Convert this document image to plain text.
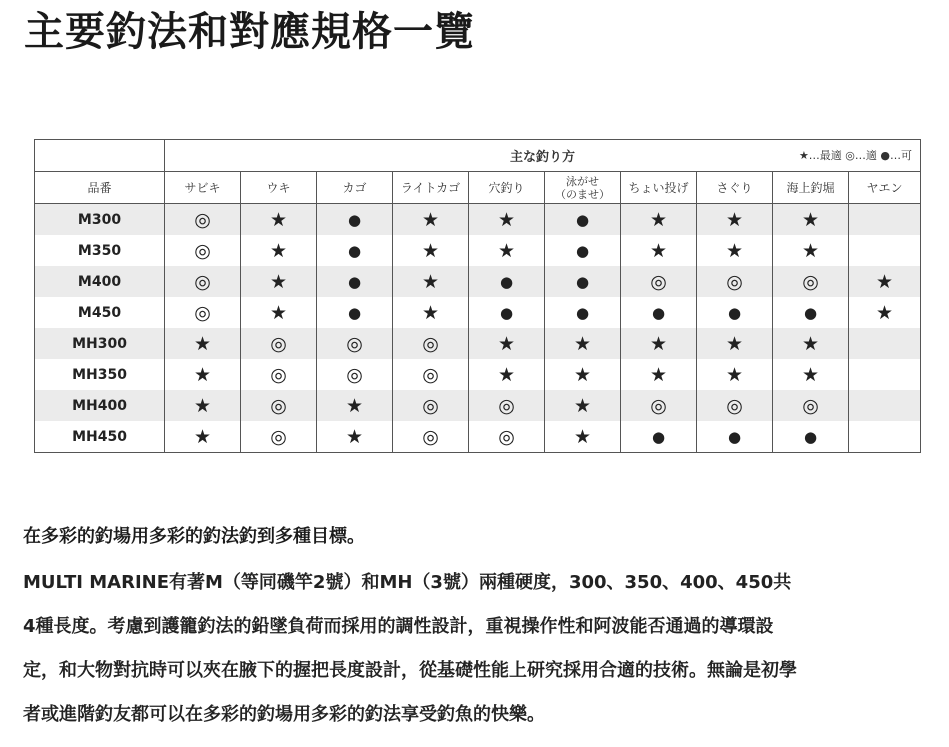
主要釣法和對應規格一覽
	主な釣り方 ★…最適 ◎…適 ●…可									

品番	サビキ	ウキ	カゴ	ライトカゴ	穴釣り	泳がせ
（のませ）	ちょい投げ	さぐり	海上釣堀	ヤエン
M300	◎	★	●	★	★	●	★	★	★	
M350	◎	★	●	★	★	●	★	★	★	
M400	◎	★	●	★	●	●	◎	◎	◎	★
M450	◎	★	●	★	●	●	●	●	●	★
MH300	★	◎	◎	◎	★	★	★	★	★	
MH350	★	◎	◎	◎	★	★	★	★	★	
MH400	★	◎	★	◎	◎	★	◎	◎	◎	
MH450	★	◎	★	◎	◎	★	●	●	●	

在多彩的釣場用多彩的釣法釣到多種目標。

MULTI MARINE有著M（等同磯竿2號）和MH（3號）兩種硬度，300、350、400、450共

4種長度。考慮到護籠釣法的鉛墜負荷而採用的調性設計，重視操作性和阿波能否通過的導環設

定，和大物對抗時可以夾在腋下的握把長度設計，從基礎性能上研究採用合適的技術。無論是初學

者或進階釣友都可以在多彩的釣場用多彩的釣法享受釣魚的快樂。
